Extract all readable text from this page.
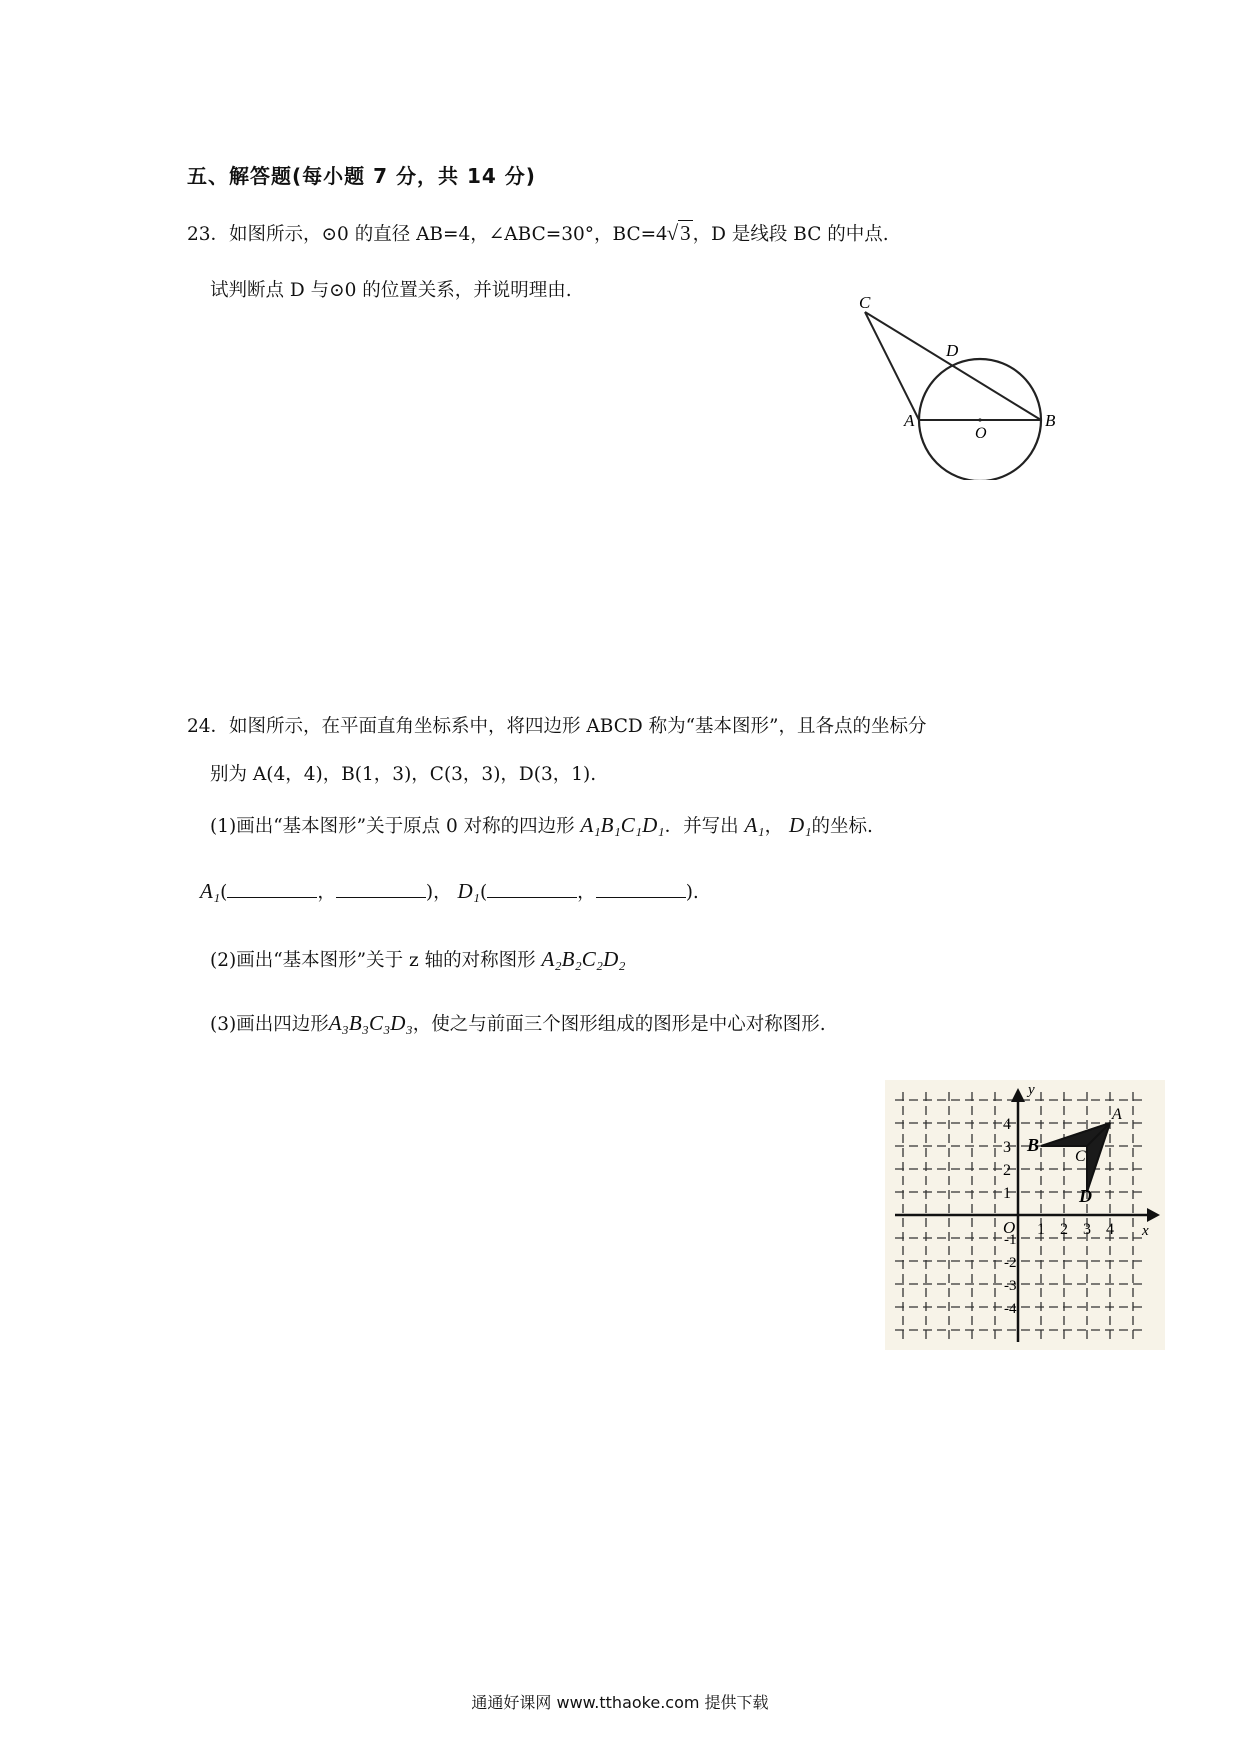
五、解答题(每小题 7 分，共 14 分)
23．如图所示，⊙0 的直径 AB=4，∠ABC=30°，BC=4√3 ，D 是线段 BC 的中点.
试判断点 D 与⊙0 的位置关系，并说明理由.
C
D
A
O
B
24．如图所示，在平面直角坐标系中，将四边形 ABCD 称为“基本图形”，且各点的坐标分
别为 A(4，4)，B(1，3)，C(3，3)，D(3，1).
(1)画出“基本图形”关于原点 0 对称的四边形 A₁B₁C₁D₁．并写出 A₁， D₁的坐标.
A₁(	，	)， D₁(	，	).
(2)画出“基本图形”关于 z 轴的对称图形 A₂B₂C₂D₂
(3)画出四边形A₃B₃C₃D₃，使之与前面三个图形组成的图形是中心对称图形.
y
x
O 1 2 3 4
4
3
2
1
-1
-2
-3
-4
A
B
C
D
通通好课网 www.tthaoke.com 提供下载
